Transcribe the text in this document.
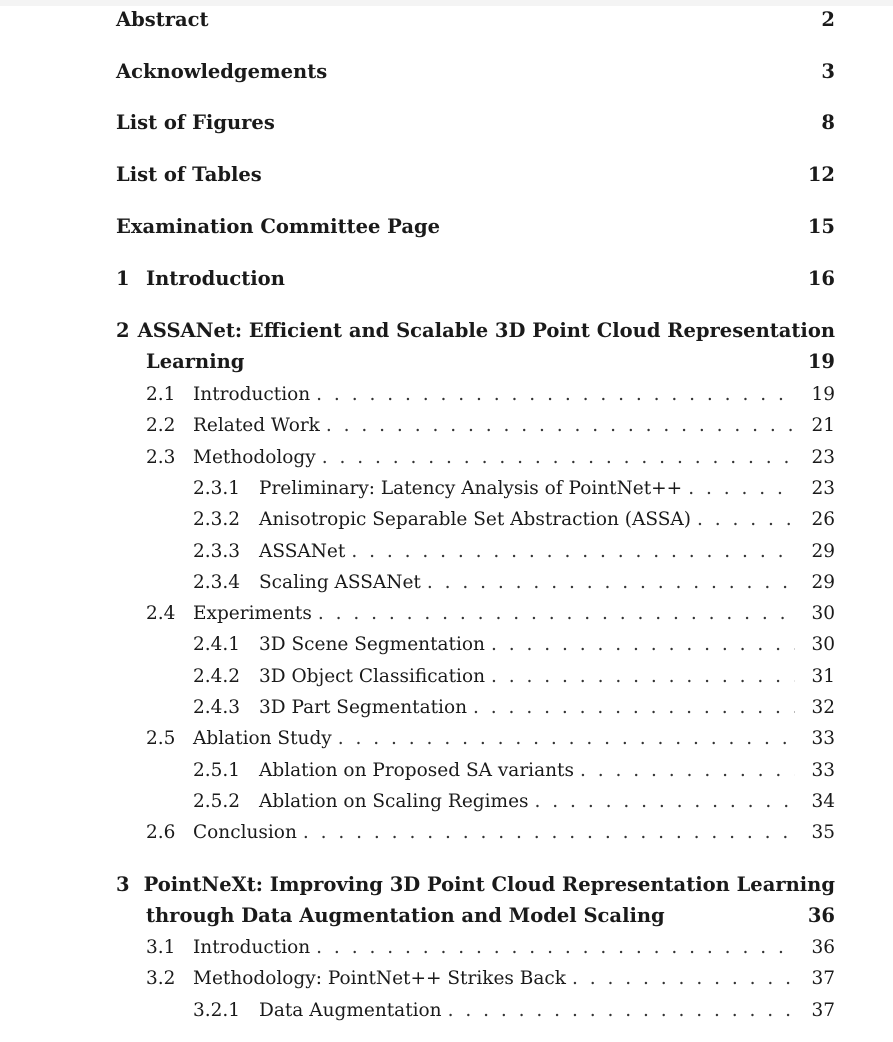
Abstract	2
Acknowledgements	3
List of Figures	8
List of Tables	12
Examination Committee Page	15
1 Introduction	16
2 ASSANet: Efficient and Scalable 3D Point Cloud Representation
Learning	19
2.1 Introduction . . .	19
2.2 Related Work . . .	21
2.3 Methodology . . .	23
2.3.1	Preliminary: Latency Analysis of PointNet++ . . .	23
2.3.2	Anisotropic Separable Set Abstraction (ASSA) . . .	26
2.3.3	ASSANet . . .	29
2.3.4	Scaling ASSANet . . .	29
2.4 Experiments . . .	30
2.4.1	3D Scene Segmentation . . .	30
2.4.2	3D Object Classification . . .	31
2.4.3	3D Part Segmentation . . .	32
2.5 Ablation Study . . .	33
2.5.1	Ablation on Proposed SA variants . . .	33
2.5.2	Ablation on Scaling Regimes . . .	34
2.6 Conclusion . . .	35
3 PointNeXt: Improving 3D Point Cloud Representation Learning
through Data Augmentation and Model Scaling	36
3.1 Introduction . . .	36
3.2 Methodology: PointNet++ Strikes Back . . .	37
3.2.1	Data Augmentation . . .	37
